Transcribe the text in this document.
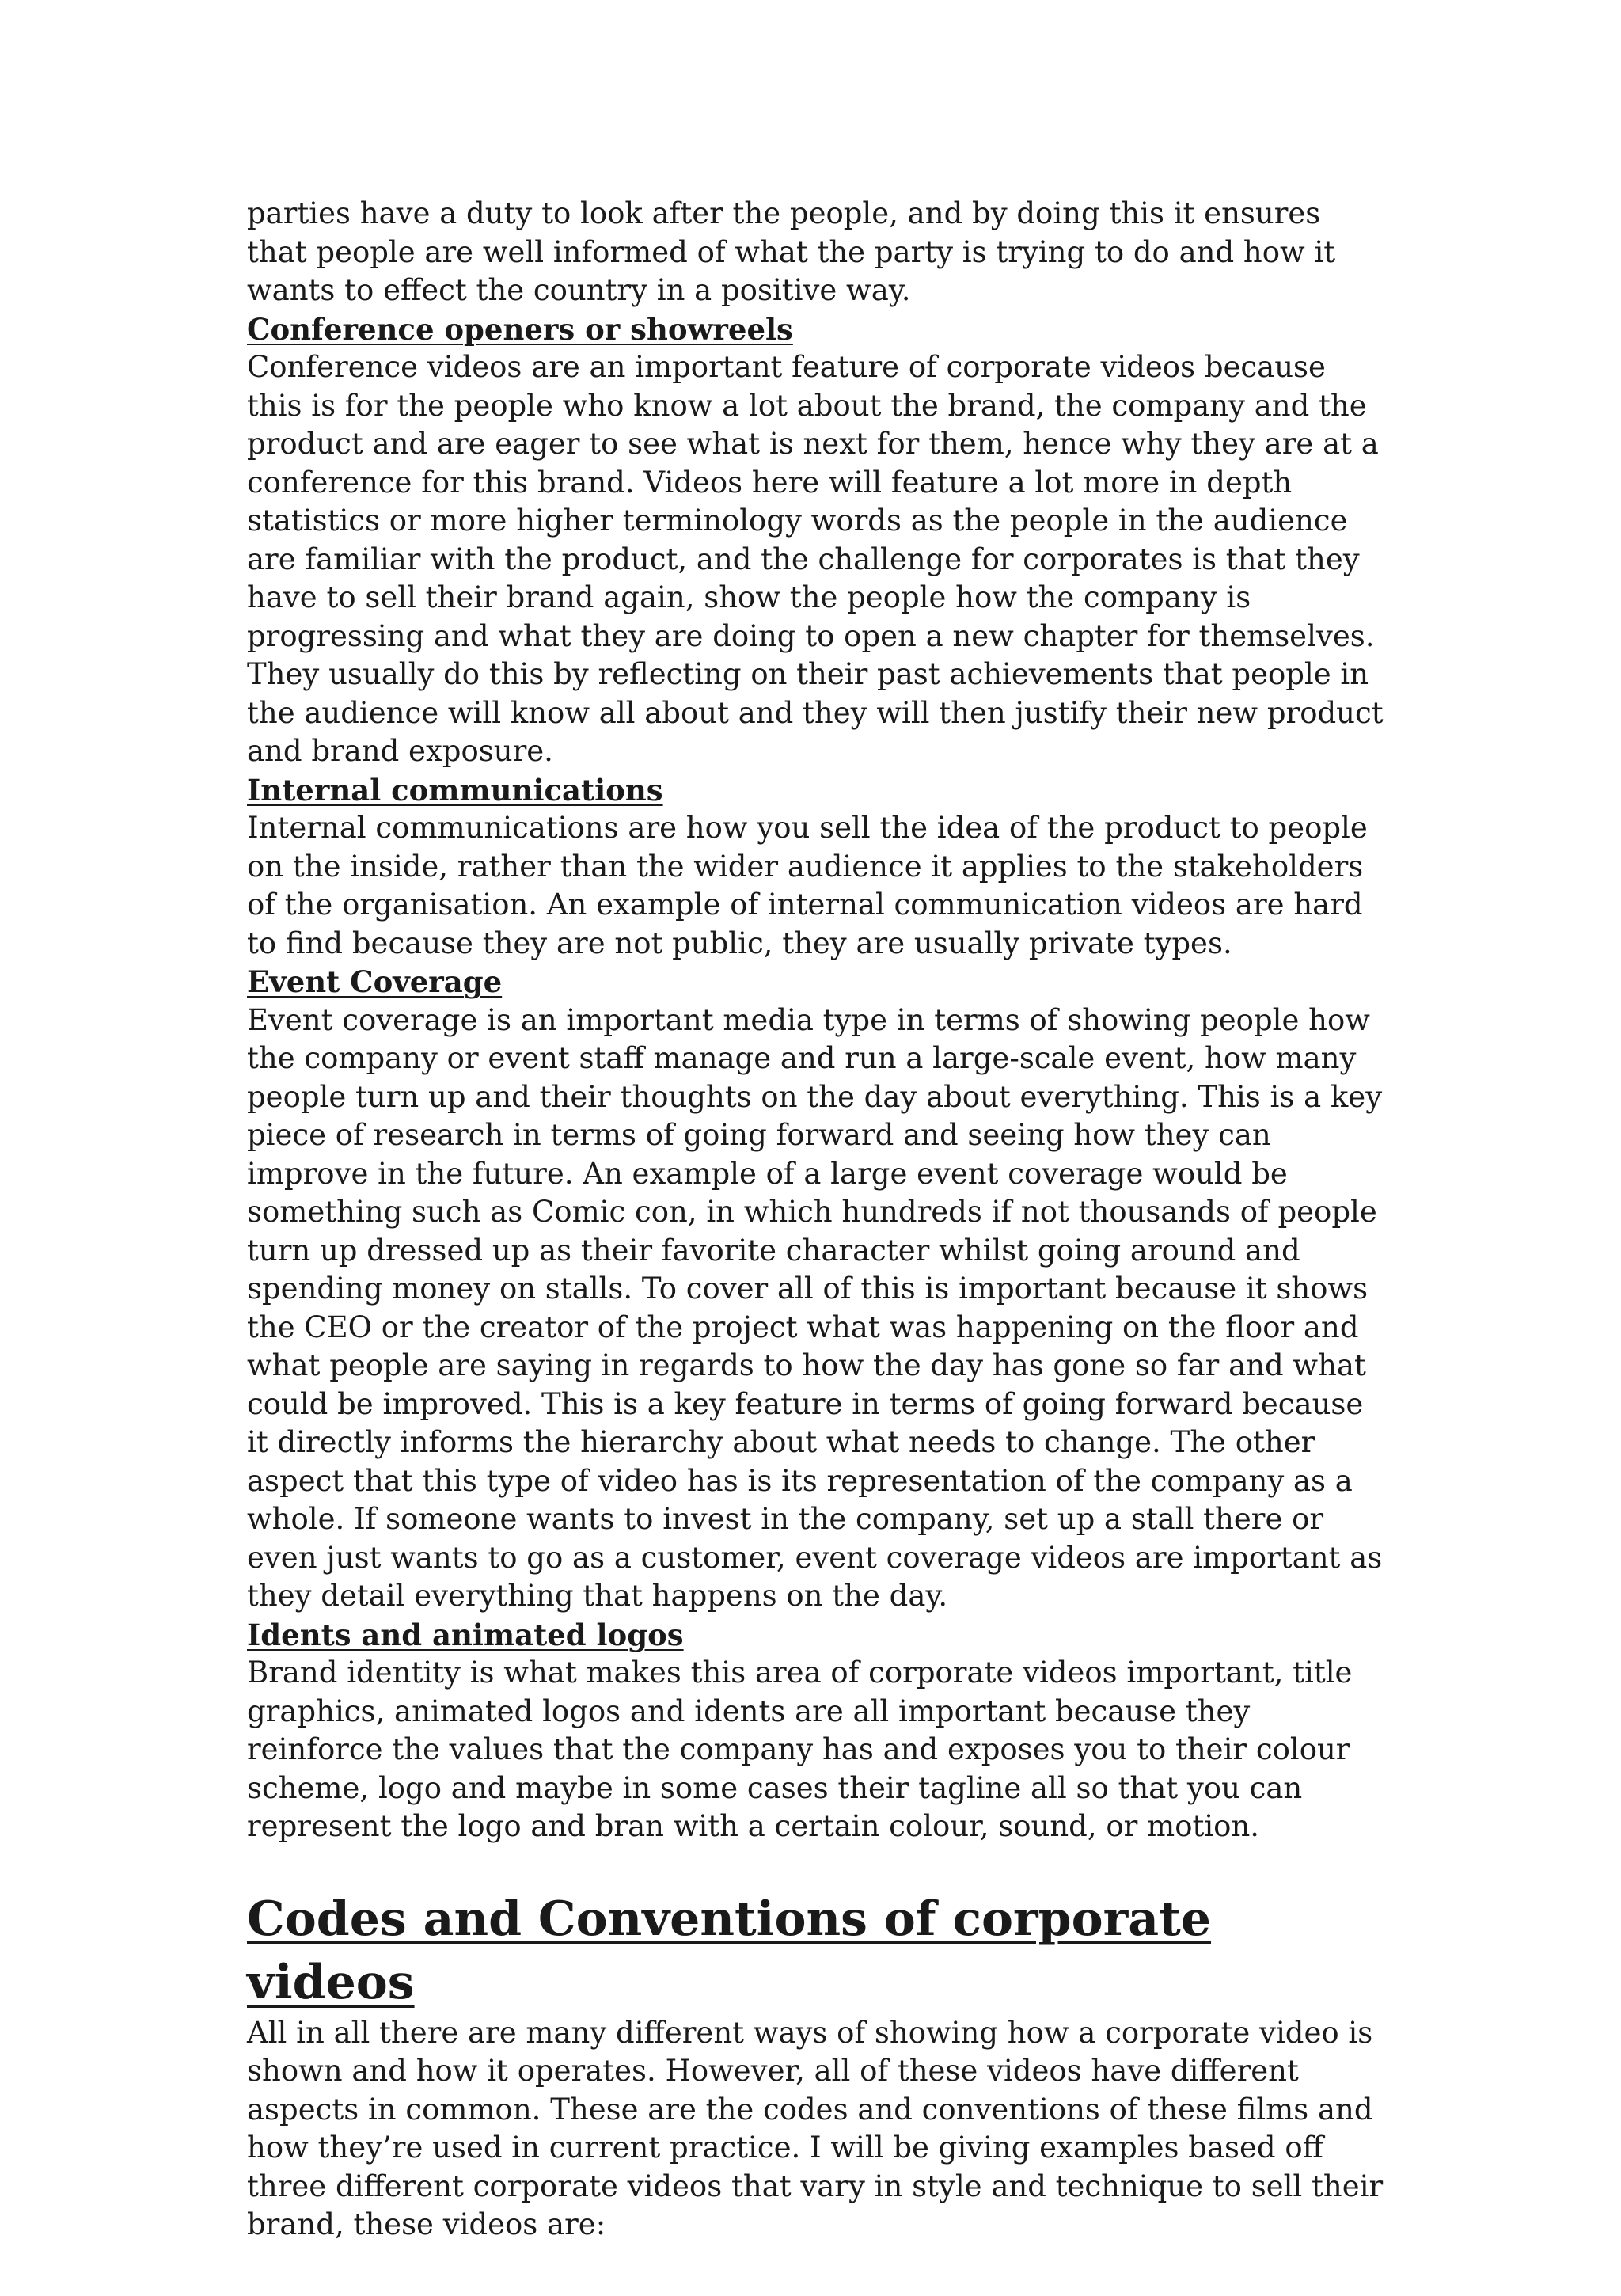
parties have a duty to look after the people, and by doing this it ensures that people are well informed of what the party is trying to do and how it wants to effect the country in a positive way.

Conference openers or showreels

Conference videos are an important feature of corporate videos because this is for the people who know a lot about the brand, the company and the product and are eager to see what is next for them, hence why they are at a conference for this brand. Videos here will feature a lot more in depth statistics or more higher terminology words as the people in the audience are familiar with the product, and the challenge for corporates is that they have to sell their brand again, show the people how the company is progressing and what they are doing to open a new chapter for themselves. They usually do this by reflecting on their past achievements that people in the audience will know all about and they will then justify their new product and brand exposure.

Internal communications

Internal communications are how you sell the idea of the product to people on the inside, rather than the wider audience it applies to the stakeholders of the organisation. An example of internal communication videos are hard to find because they are not public, they are usually private types.

Event Coverage

Event coverage is an important media type in terms of showing people how the company or event staff manage and run a large-scale event, how many people turn up and their thoughts on the day about everything. This is a key piece of research in terms of going forward and seeing how they can improve in the future. An example of a large event coverage would be something such as Comic con, in which hundreds if not thousands of people turn up dressed up as their favorite character whilst going around and spending money on stalls. To cover all of this is important because it shows the CEO or the creator of the project what was happening on the floor and what people are saying in regards to how the day has gone so far and what could be improved. This is a key feature in terms of going forward because it directly informs the hierarchy about what needs to change. The other aspect that this type of video has is its representation of the company as a whole. If someone wants to invest in the company, set up a stall there or even just wants to go as a customer, event coverage videos are important as they detail everything that happens on the day.

Idents and animated logos

Brand identity is what makes this area of corporate videos important, title graphics, animated logos and idents are all important because they reinforce the values that the company has and exposes you to their colour scheme, logo and maybe in some cases their tagline all so that you can represent the logo and bran with a certain colour, sound, or motion.

Codes and Conventions of corporate videos

All in all there are many different ways of showing how a corporate video is shown and how it operates. However, all of these videos have different aspects in common. These are the codes and conventions of these films and how they’re used in current practice. I will be giving examples based off three different corporate videos that vary in style and technique to sell their brand, these videos are:
